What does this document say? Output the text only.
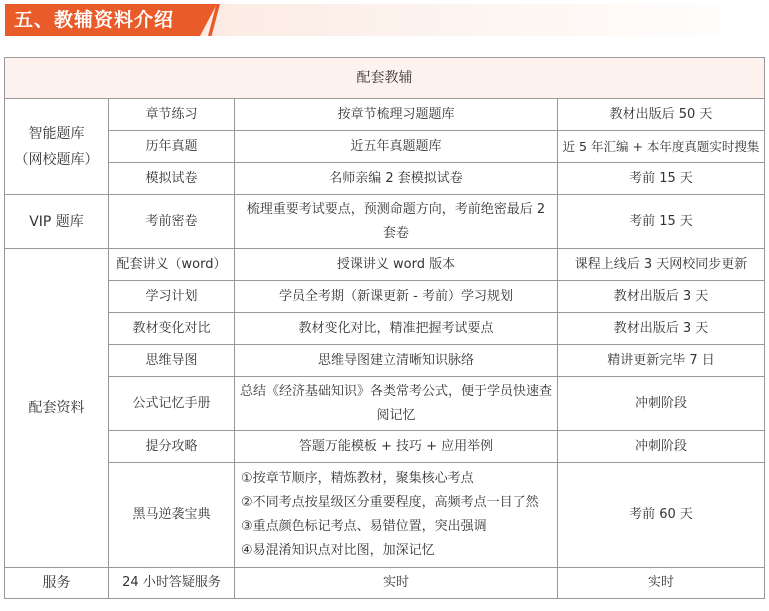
五、教辅资料介绍
配套教辅			
智能题库
（网校题库）	章节练习	按章节梳理习题题库	教材出版后 50 天
	历年真题	近五年真题题库	近 5 年汇编 + 本年度真题实时搜集
	模拟试卷	名师亲编 2 套模拟试卷	考前 15 天
VIP 题库	考前密卷	梳理重要考试要点，预测命题方向，考前绝密最后 2 套卷	考前 15 天
配套资料	配套讲义（word）	授课讲义 word 版本	课程上线后 3 天网校同步更新
	学习计划	学员全考期（新课更新 - 考前）学习规划	教材出版后 3 天
	教材变化对比	教材变化对比，精准把握考试要点	教材出版后 3 天
	思维导图	思维导图建立清晰知识脉络	精讲更新完毕 7 日
	公式记忆手册	总结《经济基础知识》各类常考公式，便于学员快速查阅记忆	冲刺阶段
	提分攻略	答题万能模板 + 技巧 + 应用举例	冲刺阶段
	黑马逆袭宝典	①按章节顺序，精炼教材，聚集核心考点
②不同考点按星级区分重要程度，高频考点一目了然
③重点颜色标记考点、易错位置，突出强调
④易混淆知识点对比图，加深记忆	考前 60 天
服务	24 小时答疑服务	实时	实时
